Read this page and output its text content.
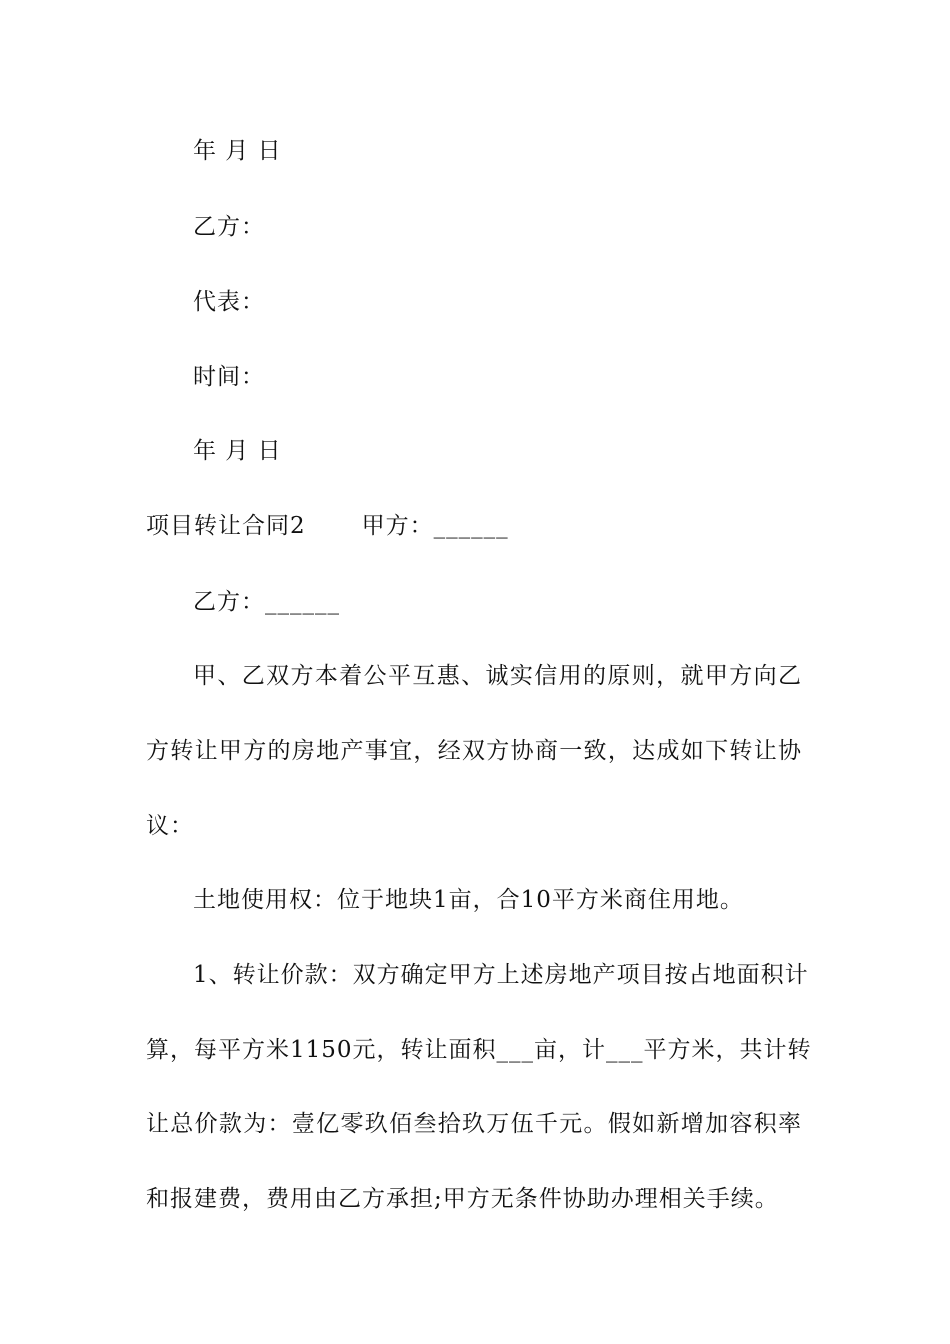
年 月 日
乙方：
代表：
时间：
年 月 日
项目转让合同2 甲方：______
乙方：______
甲、乙双方本着公平互惠、诚实信用的原则，就甲方向乙
方转让甲方的房地产事宜，经双方协商一致，达成如下转让协
议：
土地使用权：位于地块1亩，合10平方米商住用地。
1、转让价款：双方确定甲方上述房地产项目按占地面积计
算，每平方米1150元，转让面积___亩，计___平方米，共计转
让总价款为：壹亿零玖佰叁拾玖万伍千元。假如新增加容积率
和报建费，费用由乙方承担;甲方无条件协助办理相关手续。
